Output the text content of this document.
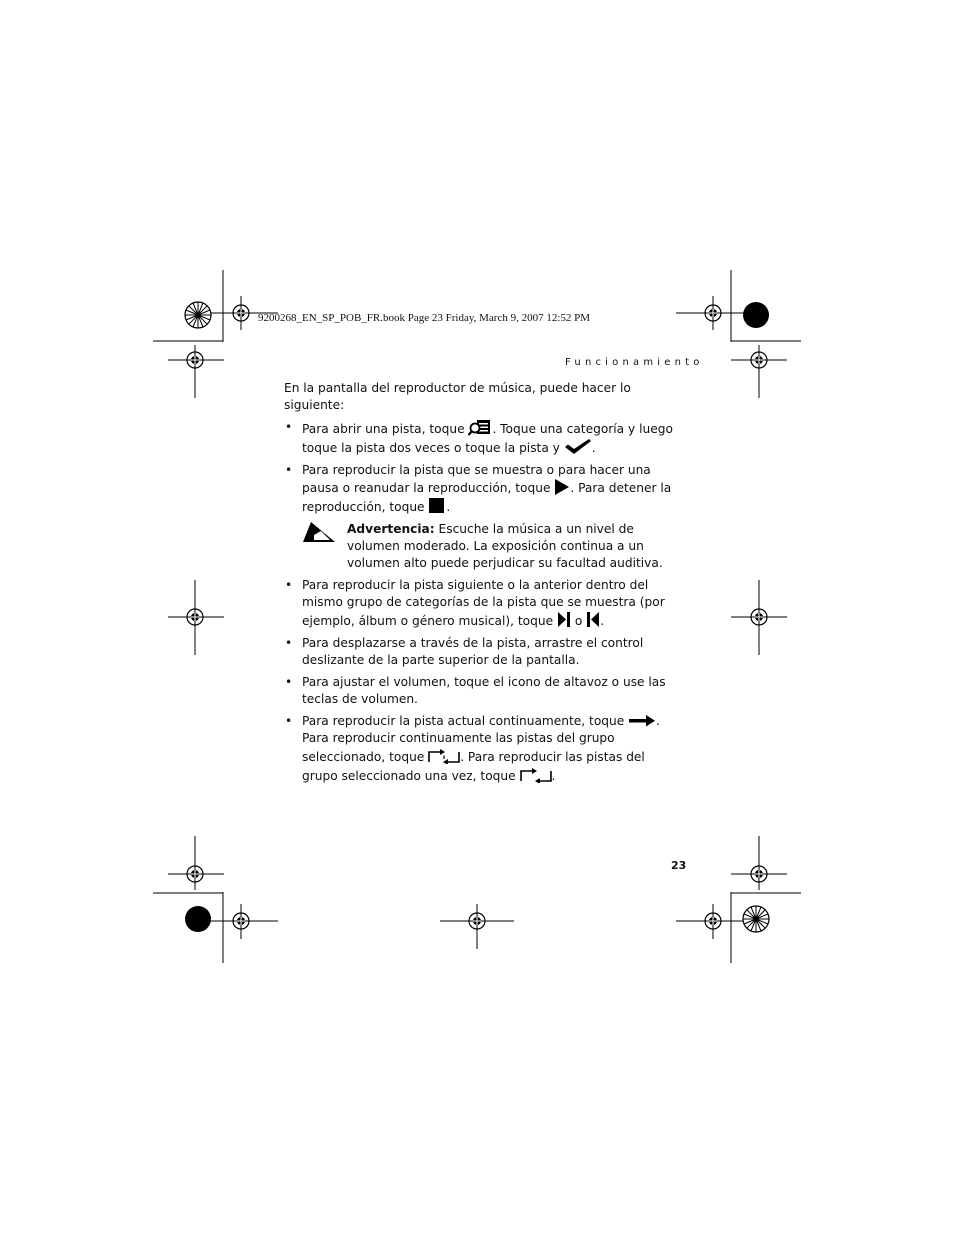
9200268_EN_SP_POB_FR.book Page 23 Friday, March 9, 2007 12:52 PM
Funcionamiento

En la pantalla del reproductor de música, puede hacer lo siguiente:

• Para abrir una pista, toque . Toque una categoría y luego toque la pista dos veces o toque la pista y .
• Para reproducir la pista que se muestra o para hacer una pausa o reanudar la reproducción, toque . Para detener la reproducción, toque .
Advertencia: Escuche la música a un nivel de volumen moderado. La exposición continua a un volumen alto puede perjudicar su facultad auditiva.
• Para reproducir la pista siguiente o la anterior dentro del mismo grupo de categorías de la pista que se muestra (por ejemplo, álbum o género musical), toque  o .
• Para desplazarse a través de la pista, arrastre el control deslizante de la parte superior de la pantalla.
• Para ajustar el volumen, toque el icono de altavoz o use las teclas de volumen.
• Para reproducir la pista actual continuamente, toque . Para reproducir continuamente las pistas del grupo seleccionado, toque	. Para reproducir las pistas del grupo seleccionado una vez, toque	.
23
